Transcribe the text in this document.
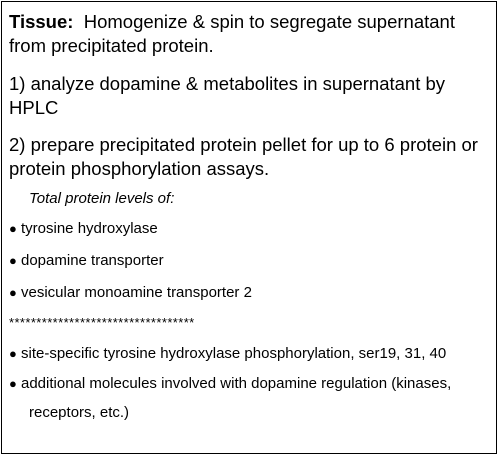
Tissue: Homogenize & spin to segregate supernatant from precipitated protein.

1) analyze dopamine & metabolites in supernatant by HPLC

2) prepare precipitated protein pellet for up to 6 protein or protein phosphorylation assays.

Total protein levels of:

● tyrosine hydroxylase

● dopamine transporter

● vesicular monoamine transporter 2

**********************************

● site-specific tyrosine hydroxylase phosphorylation, ser19, 31, 40

● additional molecules involved with dopamine regulation (kinases,

receptors, etc.)
